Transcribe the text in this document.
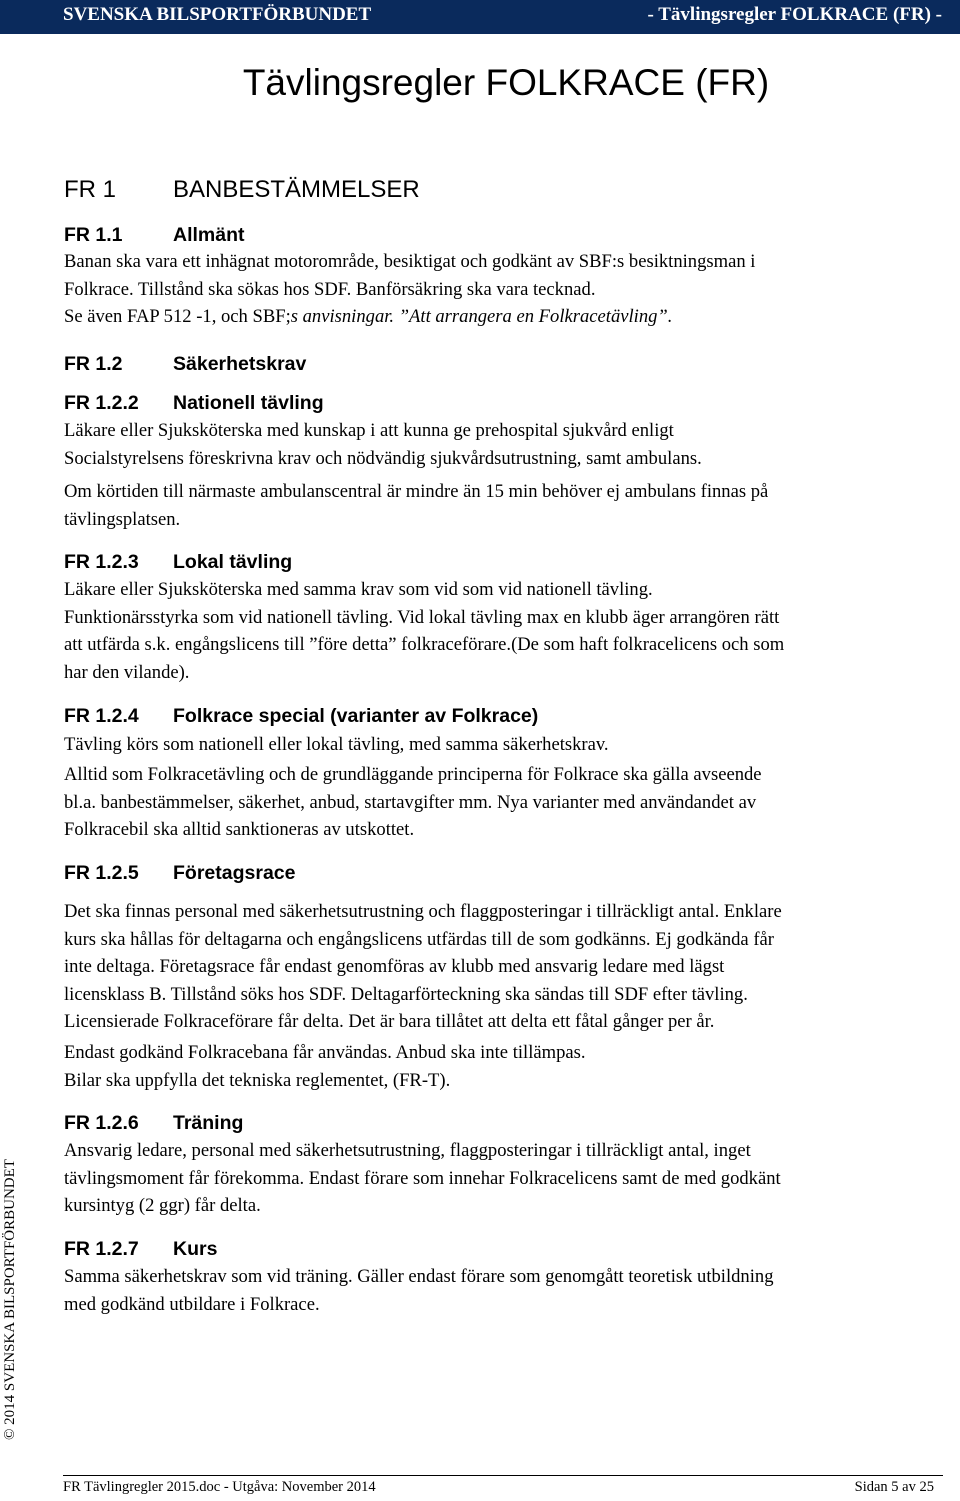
SVENSKA BILSPORTFÖRBUNDET	- Tävlingsregler FOLKRACE (FR) -
Tävlingsregler FOLKRACE (FR)
FR 1 BANBESTÄMMELSER
FR 1.1	Allmänt
Banan ska vara ett inhägnat motorområde, besiktigat och godkänt av SBF:s besiktningsman i
Folkrace. Tillstånd ska sökas hos SDF. Banförsäkring ska vara tecknad.
Se även FAP 512 -1, och SBF;s anvisningar. ”Att arrangera en Folkracetävling”.
FR 1.2	Säkerhetskrav
FR 1.2.2 Nationell tävling
Läkare eller Sjuksköterska med kunskap i att kunna ge prehospital sjukvård enligt
Socialstyrelsens föreskrivna krav och nödvändig sjukvårdsutrustning, samt ambulans.
Om körtiden till närmaste ambulanscentral är mindre än 15 min behöver ej ambulans finnas på
tävlingsplatsen.
FR 1.2.3 Lokal tävling
Läkare eller Sjuksköterska med samma krav som vid som vid nationell tävling.
Funktionärsstyrka som vid nationell tävling. Vid lokal tävling max en klubb äger arrangören rätt
att utfärda s.k. engångslicens till ”före detta” folkraceförare.(De som haft folkracelicens och som
har den vilande).
FR 1.2.4 Folkrace special (varianter av Folkrace)
Tävling körs som nationell eller lokal tävling, med samma säkerhetskrav.
Alltid som Folkracetävling och de grundläggande principerna för Folkrace ska gälla avseende
bl.a. banbestämmelser, säkerhet, anbud, startavgifter mm. Nya varianter med användandet av
Folkracebil ska alltid sanktioneras av utskottet.
FR 1.2.5 Företagsrace
Det ska finnas personal med säkerhetsutrustning och flaggposteringar i tillräckligt antal. Enklare
kurs ska hållas för deltagarna och engångslicens utfärdas till de som godkänns. Ej godkända får
inte deltaga. Företagsrace får endast genomföras av klubb med ansvarig ledare med lägst
licensklass B. Tillstånd söks hos SDF. Deltagarförteckning ska sändas till SDF efter tävling.
Licensierade Folkraceförare får delta. Det är bara tillåtet att delta ett fåtal gånger per år.
Endast godkänd Folkracebana får användas. Anbud ska inte tillämpas.
Bilar ska uppfylla det tekniska reglementet, (FR-T).
FR 1.2.6 Träning
Ansvarig ledare, personal med säkerhetsutrustning, flaggposteringar i tillräckligt antal, inget
tävlingsmoment får förekomma. Endast förare som innehar Folkracelicens samt de med godkänt
kursintyg (2 ggr) får delta.
FR 1.2.7 Kurs
Samma säkerhetskrav som vid träning. Gäller endast förare som genomgått teoretisk utbildning
med godkänd utbildare i Folkrace.
© 2014 SVENSKA BILSPORTFÖRBUNDET
FR Tävlingregler 2015.doc - Utgåva: November 2014	Sidan 5 av 25
